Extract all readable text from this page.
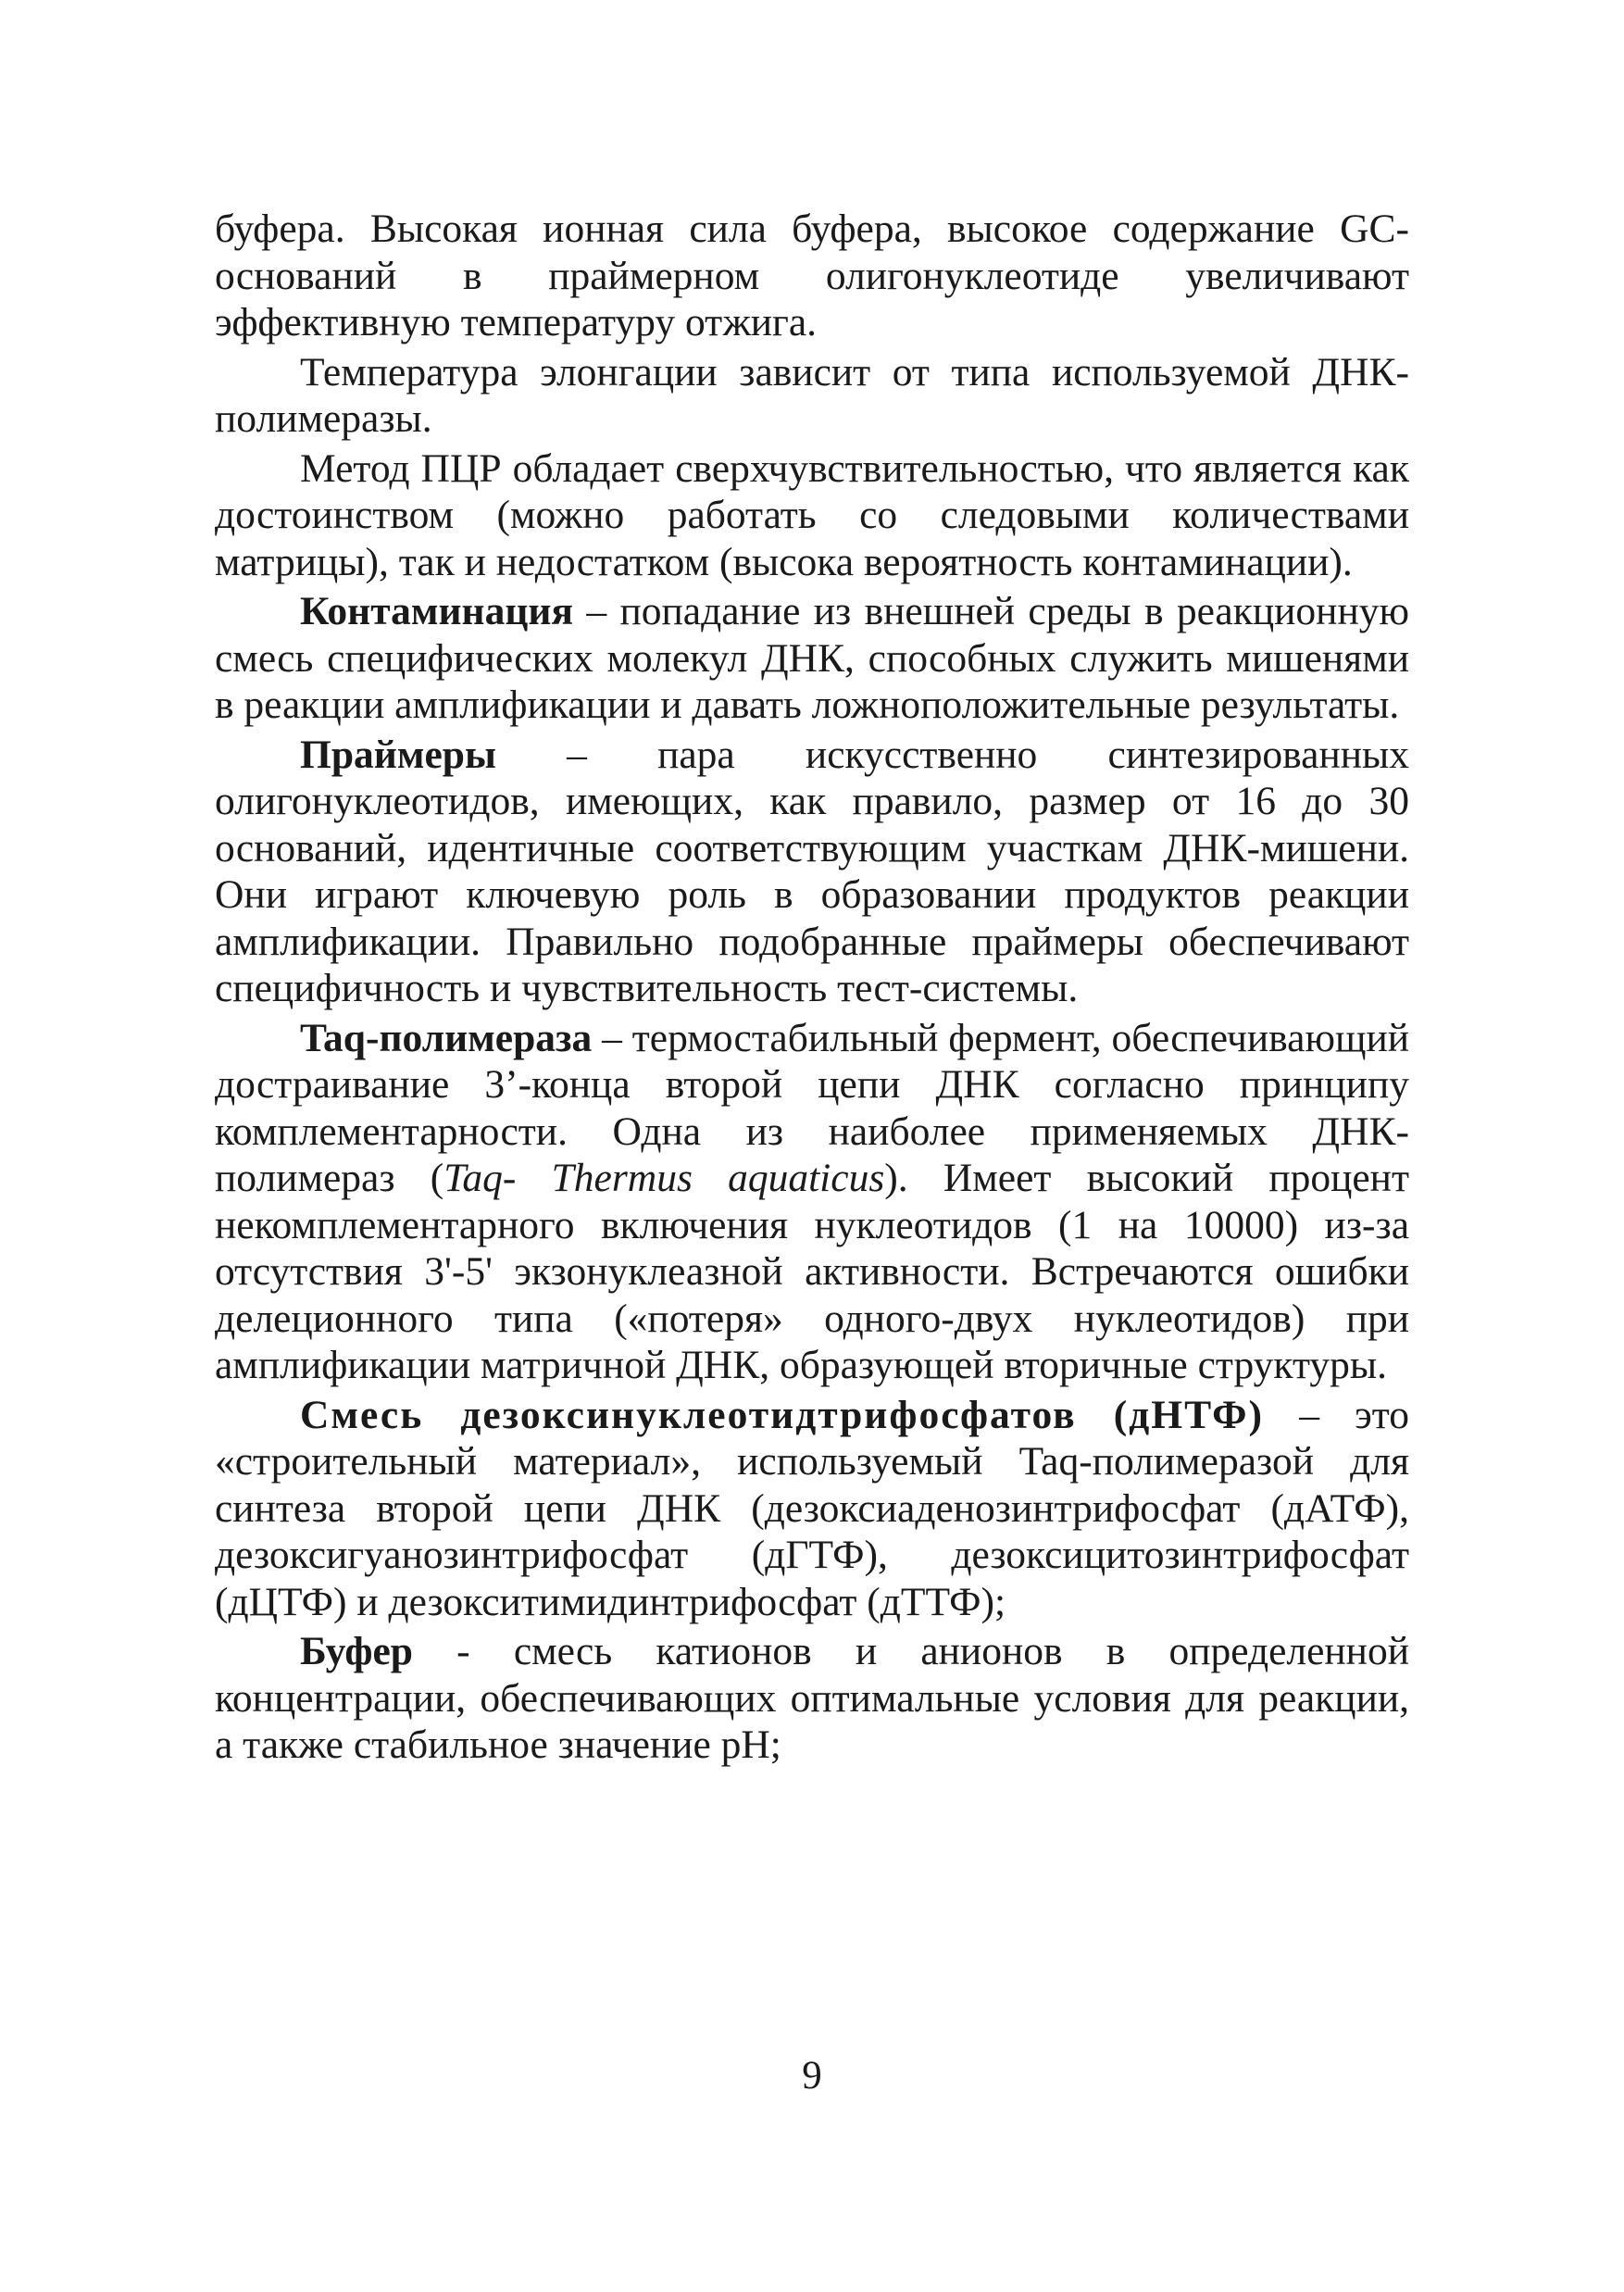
буфера. Высокая ионная сила буфера, высокое содержание GC-оснований в праймерном олигонуклеотиде увеличивают эффективную температуру отжига.

Температура элонгации зависит от типа используемой ДНК-полимеразы.

Метод ПЦР обладает сверхчувствительностью, что является как достоинством (можно работать со следовыми количествами матрицы), так и недостатком (высока вероятность контаминации).

Контаминация – попадание из внешней среды в реакционную смесь специфических молекул ДНК, способных служить мишенями в реакции амплификации и давать ложноположительные результаты.

Праймеры – пара искусственно синтезированных олигонуклеотидов, имеющих, как правило, размер от 16 до 30 оснований, идентичные соответствующим участкам ДНК-мишени. Они играют ключевую роль в образовании продуктов реакции амплификации. Правильно подобранные праймеры обеспечивают специфичность и чувствительность тест-системы.

Taq-полимераза – термостабильный фермент, обеспечивающий достраивание 3’-конца второй цепи ДНК согласно принципу комплементарности. Одна из наиболее применяемых ДНК-полимераз (Taq- Thermus aquaticus). Имеет высокий процент некомплементарного включения нуклеотидов (1 на 10000) из-за отсутствия 3'-5' экзонуклеазной активности. Встречаются ошибки делеционного типа («потеря» одного-двух нуклеотидов) при амплификации матричной ДНК, образующей вторичные структуры.

Смесь дезоксинуклеотидтрифосфатов (дНТФ) – это «строительный материал», используемый Taq-полимеразой для синтеза второй цепи ДНК (дезоксиаденозинтрифосфат (дАТФ), дезоксигуанозинтрифосфат (дГТФ), дезоксицитозинтрифосфат (дЦТФ) и дезокситимидинтрифосфат (дТТФ);

Буфер - смесь катионов и анионов в определенной концентрации, обеспечивающих оптимальные условия для реакции, а также стабильное значение pH;

9
